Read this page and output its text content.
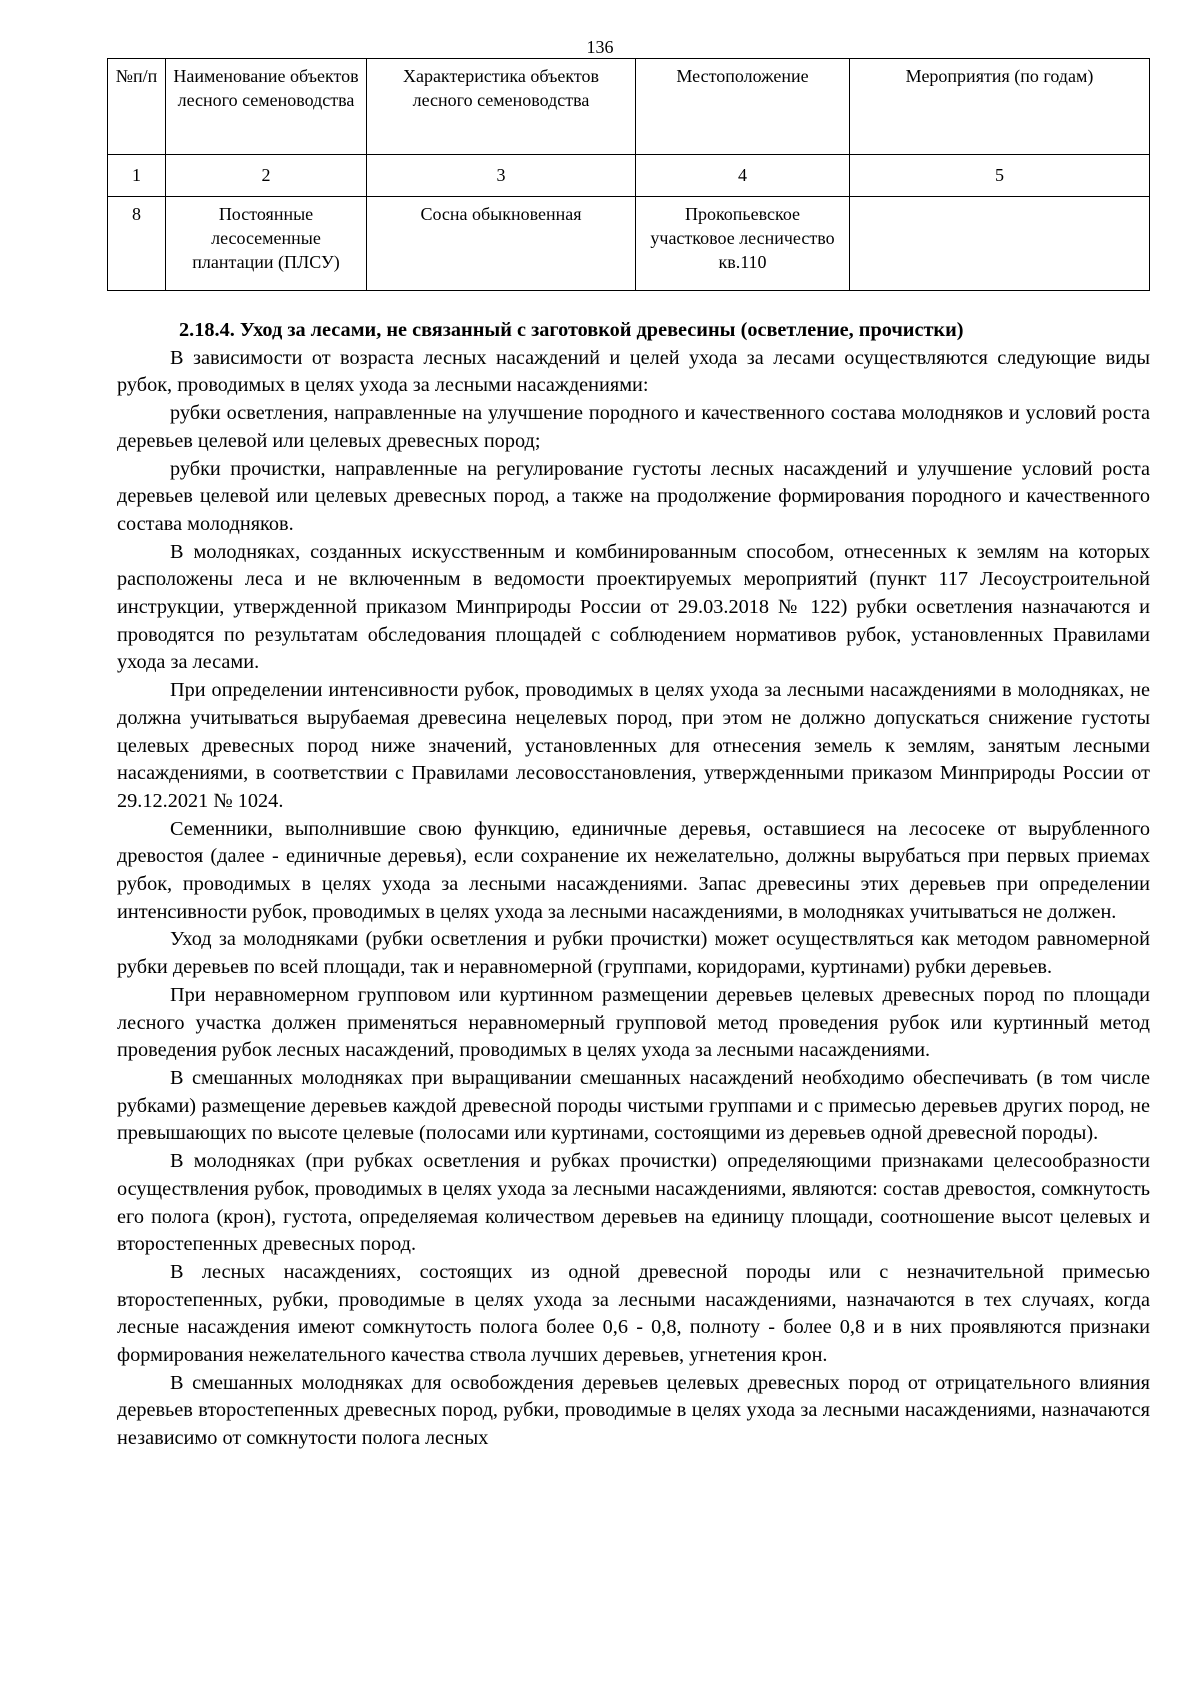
136
№п/п	Наименование объектов лесного семеноводства	Характеристика объектов лесного семеноводства	Местоположение	Мероприятия (по годам)
1	2	3	4	5
8	Постоянные лесосеменные плантации (ПЛСУ)	Сосна обыкновенная	Прокопьевское участковое лесничество кв.110	
2.18.4. Уход за лесами, не связанный с заготовкой древесины (осветление, прочистки)

В зависимости от возраста лесных насаждений и целей ухода за лесами осуществляются следующие виды рубок, проводимых в целях ухода за лесными насаждениями:

рубки осветления, направленные на улучшение породного и качественного состава молодняков и условий роста деревьев целевой или целевых древесных пород;

рубки прочистки, направленные на регулирование густоты лесных насаждений и улучшение условий роста деревьев целевой или целевых древесных пород, а также на продолжение формирования породного и качественного состава молодняков.

В молодняках, созданных искусственным и комбинированным способом, отнесенных к землям на которых расположены леса и не включенным в ведомости проектируемых мероприятий (пункт 117 Лесоустроительной инструкции, утвержденной приказом Минприроды России от 29.03.2018 № 122) рубки осветления назначаются и проводятся по результатам обследования площадей с соблюдением нормативов рубок, установленных Правилами ухода за лесами.

При определении интенсивности рубок, проводимых в целях ухода за лесными насаждениями в молодняках, не должна учитываться вырубаемая древесина нецелевых пород, при этом не должно допускаться снижение густоты целевых древесных пород ниже значений, установленных для отнесения земель к землям, занятым лесными насаждениями, в соответствии с Правилами лесовосстановления, утвержденными приказом Минприроды России от 29.12.2021 № 1024.

Семенники, выполнившие свою функцию, единичные деревья, оставшиеся на лесосеке от вырубленного древостоя (далее - единичные деревья), если сохранение их нежелательно, должны вырубаться при первых приемах рубок, проводимых в целях ухода за лесными насаждениями. Запас древесины этих деревьев при определении интенсивности рубок, проводимых в целях ухода за лесными насаждениями, в молодняках учитываться не должен.

Уход за молодняками (рубки осветления и рубки прочистки) может осуществляться как методом равномерной рубки деревьев по всей площади, так и неравномерной (группами, коридорами, куртинами) рубки деревьев.

При неравномерном групповом или куртинном размещении деревьев целевых древесных пород по площади лесного участка должен применяться неравномерный групповой метод проведения рубок или куртинный метод проведения рубок лесных насаждений, проводимых в целях ухода за лесными насаждениями.

В смешанных молодняках при выращивании смешанных насаждений необходимо обеспечивать (в том числе рубками) размещение деревьев каждой древесной породы чистыми группами и с примесью деревьев других пород, не превышающих по высоте целевые (полосами или куртинами, состоящими из деревьев одной древесной породы).

В молодняках (при рубках осветления и рубках прочистки) определяющими признаками целесообразности осуществления рубок, проводимых в целях ухода за лесными насаждениями, являются: состав древостоя, сомкнутость его полога (крон), густота, определяемая количеством деревьев на единицу площади, соотношение высот целевых и второстепенных древесных пород.

В лесных насаждениях, состоящих из одной древесной породы или с незначительной примесью второстепенных, рубки, проводимые в целях ухода за лесными насаждениями, назначаются в тех случаях, когда лесные насаждения имеют сомкнутость полога более 0,6 - 0,8, полноту - более 0,8 и в них проявляются признаки формирования нежелательного качества ствола лучших деревьев, угнетения крон.

В смешанных молодняках для освобождения деревьев целевых древесных пород от отрицательного влияния деревьев второстепенных древесных пород, рубки, проводимые в целях ухода за лесными насаждениями, назначаются независимо от сомкнутости полога лесных
